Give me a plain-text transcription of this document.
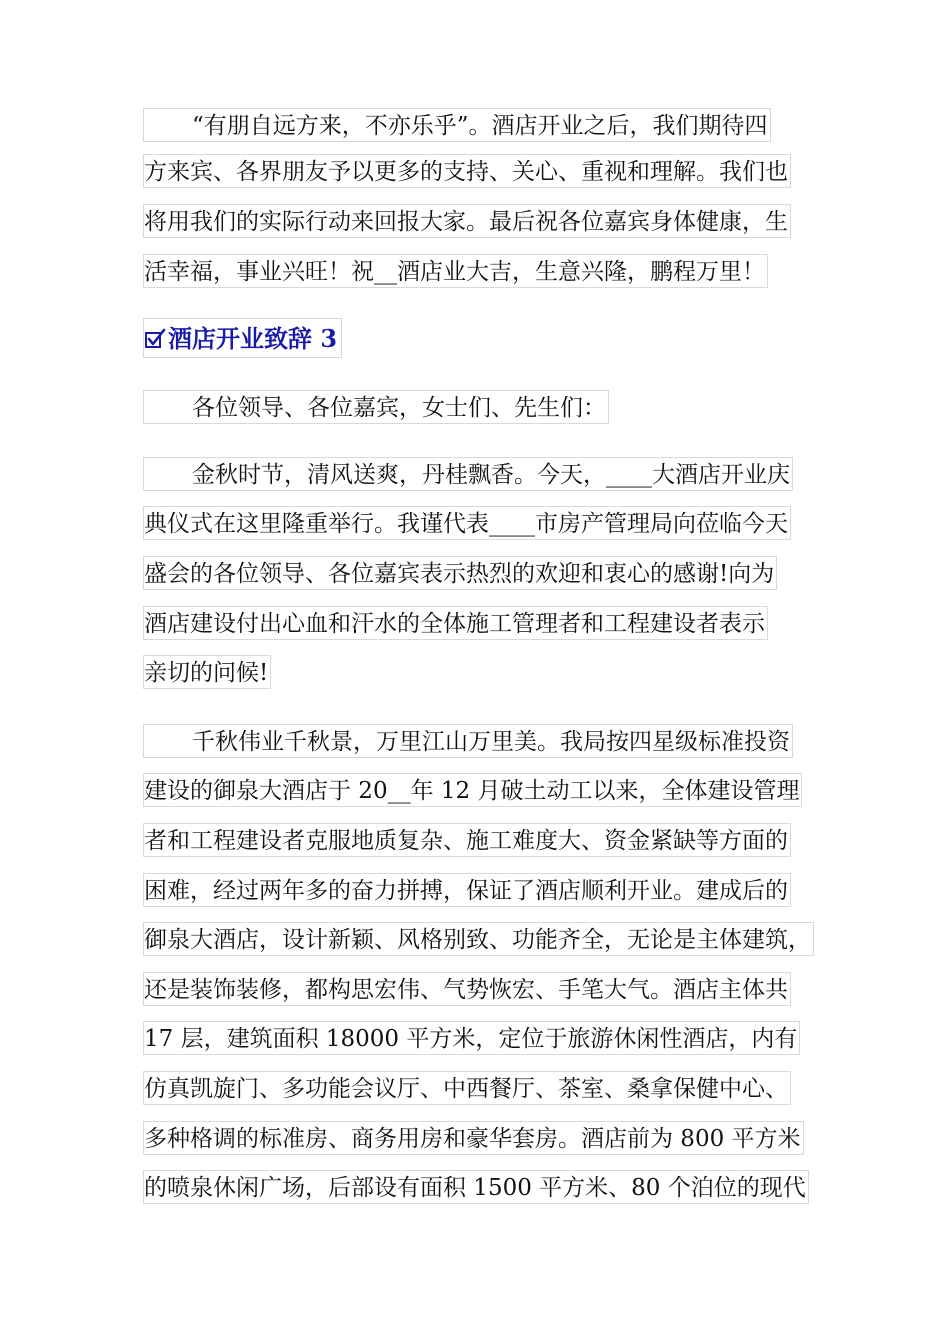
“有朋自远方来，不亦乐乎”。酒店开业之后，我们期待四
方来宾、各界朋友予以更多的支持、关心、重视和理解。我们也
将用我们的实际行动来回报大家。最后祝各位嘉宾身体健康，生
活幸福，事业兴旺！祝__酒店业大吉，生意兴隆，鹏程万里！
酒店开业致辞 3
各位领导、各位嘉宾，女士们、先生们：
金秋时节，清风送爽，丹桂飘香。今天，____大酒店开业庆
典仪式在这里隆重举行。我谨代表____市房产管理局向莅临今天
盛会的各位领导、各位嘉宾表示热烈的欢迎和衷心的感谢!向为
酒店建设付出心血和汗水的全体施工管理者和工程建设者表示
亲切的问候!
千秋伟业千秋景，万里江山万里美。我局按四星级标准投资
建设的御泉大酒店于 20__年 12 月破土动工以来，全体建设管理
者和工程建设者克服地质复杂、施工难度大、资金紧缺等方面的
困难，经过两年多的奋力拼搏，保证了酒店顺利开业。建成后的
御泉大酒店，设计新颖、风格别致、功能齐全，无论是主体建筑，
还是装饰装修，都构思宏伟、气势恢宏、手笔大气。酒店主体共
17 层，建筑面积 18000 平方米，定位于旅游休闲性酒店，内有
仿真凯旋门、多功能会议厅、中西餐厅、茶室、桑拿保健中心、
多种格调的标准房、商务用房和豪华套房。酒店前为 800 平方米
的喷泉休闲广场，后部设有面积 1500 平方米、80 个泊位的现代
